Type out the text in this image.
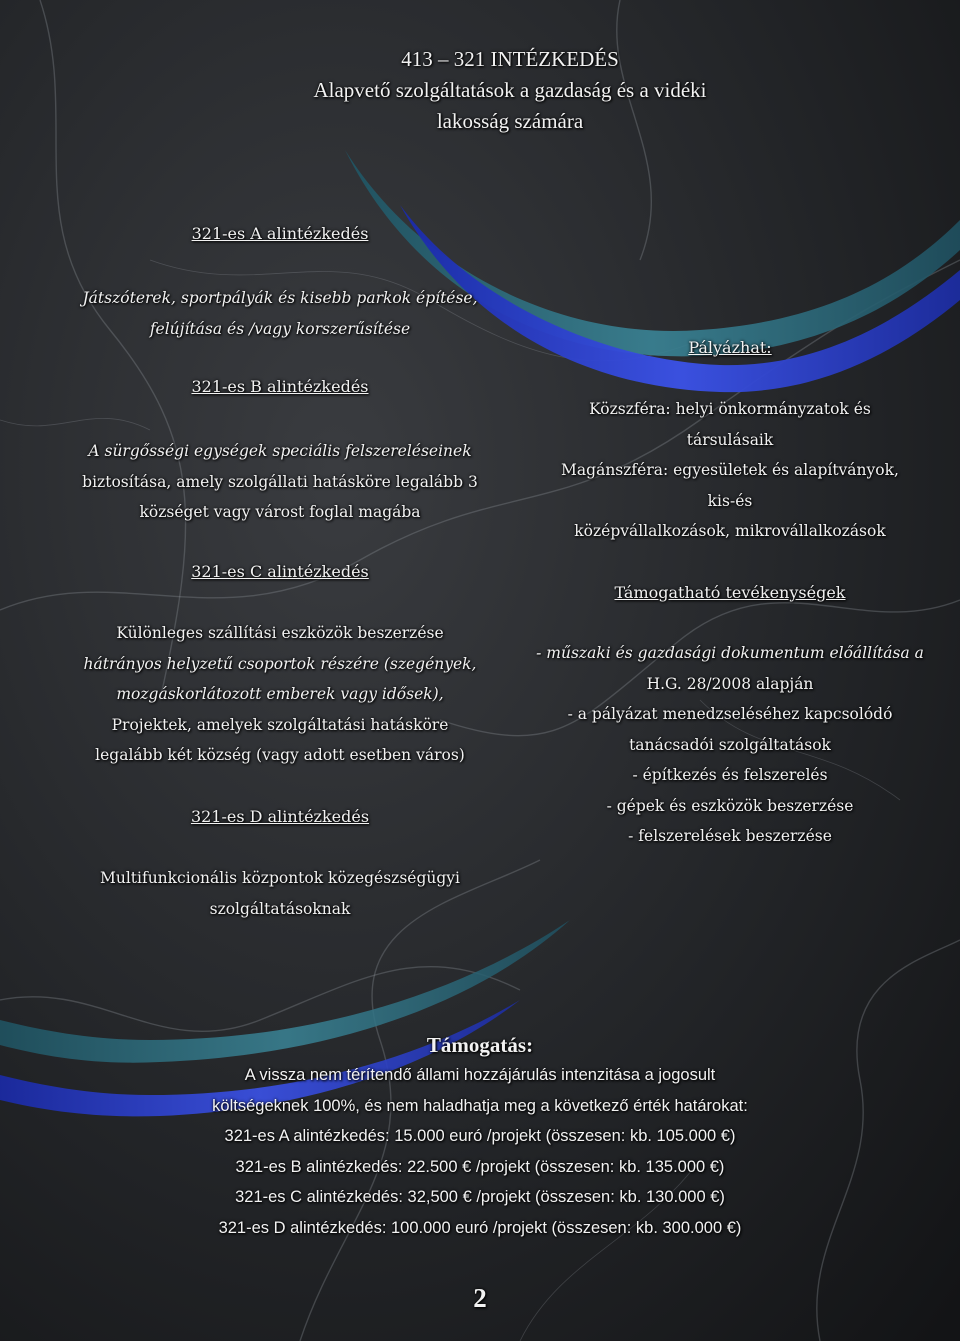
413 – 321 INTÉZKEDÉS
Alapvető szolgáltatások a gazdaság és a vidéki
lakosság számára
321-es A alintézkedés
Játszóterek, sportpályák és kisebb parkok építése,
felújítása és /vagy korszerűsítése
321-es B alintézkedés
A sürgősségi egységek speciális felszereléseinek
biztosítása, amely szolgállati hatásköre legalább 3
községet vagy várost foglal magába
321-es C alintézkedés
Különleges szállítási eszközök beszerzése
hátrányos helyzetű csoportok részére (szegények,
mozgáskorlátozott emberek vagy idősek),
Projektek, amelyek szolgáltatási hatásköre
legalább két község (vagy adott esetben város)
321-es D alintézkedés
Multifunkcionális központok közegészségügyi
szolgáltatásoknak
Pályázhat:
Közszféra: helyi önkormányzatok és
társulásaik
Magánszféra: egyesületek és alapítványok,
kis-és
középvállalkozások, mikrovállalkozások
Támogatható tevékenységek
- műszaki és gazdasági dokumentum előállítása a
H.G. 28/2008 alapján
- a pályázat menedzseléséhez kapcsolódó
tanácsadói szolgáltatások
- építkezés és felszerelés
- gépek és eszközök beszerzése
- felszerelések beszerzése
Támogatás:
A vissza nem térítendő állami hozzájárulás intenzitása a jogosult
költségeknek 100%, és nem haladhatja meg a következő érték határokat:
321-es A alintézkedés: 15.000 euró /projekt (összesen: kb. 105.000 €)
321-es B alintézkedés: 22.500 € /projekt (összesen: kb. 135.000 €)
321-es C alintézkedés: 32,500 € /projekt (összesen: kb. 130.000 €)
321-es D alintézkedés: 100.000 euró /projekt (összesen: kb. 300.000 €)
2
